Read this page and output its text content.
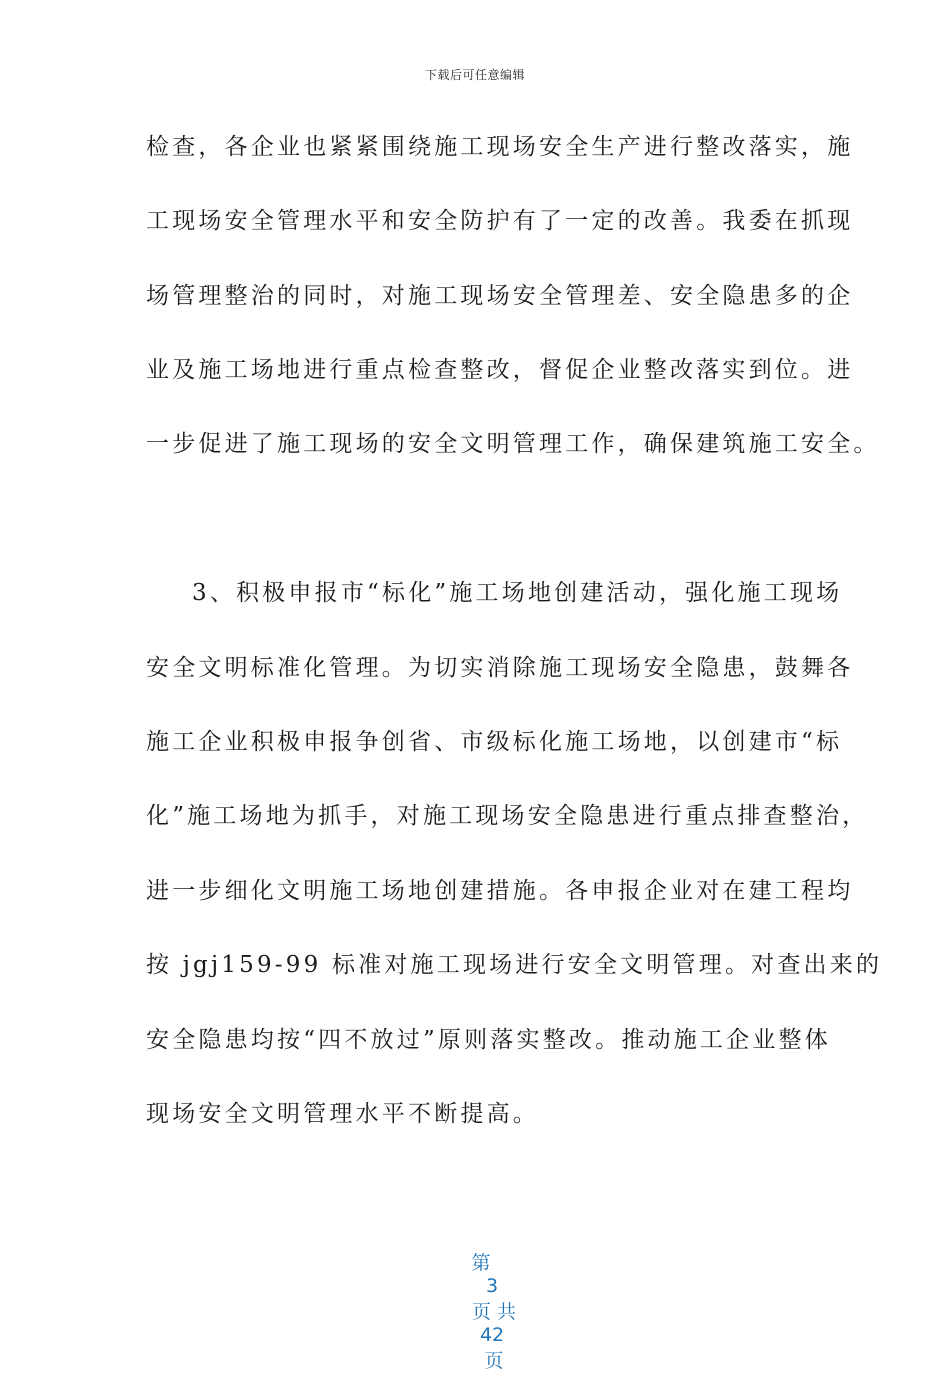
下载后可任意编辑
检查，各企业也紧紧围绕施工现场安全生产进行整改落实，施
工现场安全管理水平和安全防护有了一定的改善。我委在抓现
场管理整治的同时，对施工现场安全管理差、安全隐患多的企
业及施工场地进行重点检查整改，督促企业整改落实到位。进
一步促进了施工现场的安全文明管理工作，确保建筑施工安全。
3、积极申报市“标化”施工场地创建活动，强化施工现场
安全文明标准化管理。为切实消除施工现场安全隐患，鼓舞各
施工企业积极申报争创省、市级标化施工场地，以创建市“标
化”施工场地为抓手，对施工现场安全隐患进行重点排查整治，
进一步细化文明施工场地创建措施。各申报企业对在建工程均
按 jgj159-99 标准对施工现场进行安全文明管理。对查出来的
安全隐患均按“四不放过”原则落实整改。推动施工企业整体
现场安全文明管理水平不断提高。

第
3
页 共
42
页
